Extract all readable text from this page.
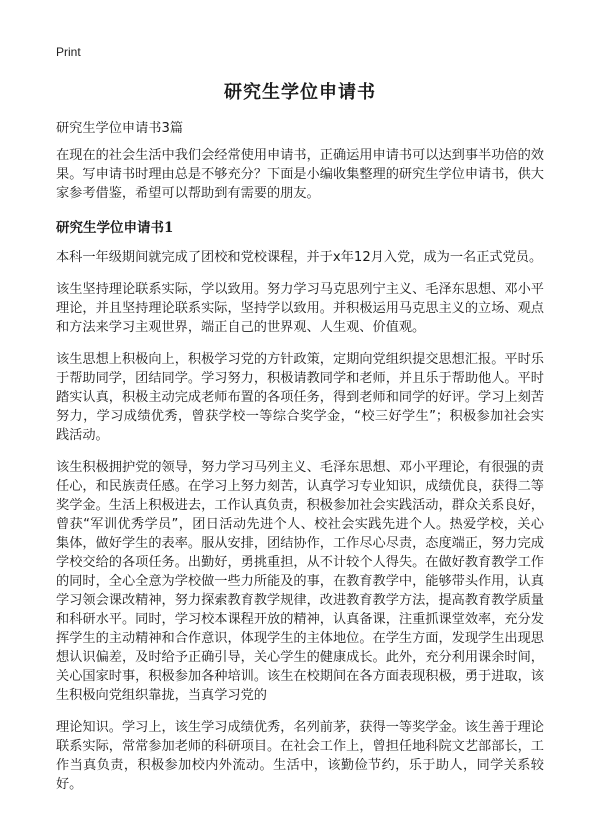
Print
研究生学位申请书
研究生学位申请书3篇

在现在的社会生活中我们会经常使用申请书，正确运用申请书可以达到事半功倍的效果。写申请书时理由总是不够充分？下面是小编收集整理的研究生学位申请书，供大家参考借鉴，希望可以帮助到有需要的朋友。

研究生学位申请书1

本科一年级期间就完成了团校和党校课程，并于x年12月入党，成为一名正式党员。

该生坚持理论联系实际，学以致用。努力学习马克思列宁主义、毛泽东思想、邓小平理论，并且坚持理论联系实际，坚持学以致用。并积极运用马克思主义的立场、观点和方法来学习主观世界，端正自己的世界观、人生观、价值观。

该生思想上积极向上，积极学习党的方针政策，定期向党组织提交思想汇报。平时乐于帮助同学，团结同学。学习努力，积极请教同学和老师，并且乐于帮助他人。平时踏实认真，积极主动完成老师布置的各项任务，得到老师和同学的好评。学习上刻苦努力，学习成绩优秀，曾获学校一等综合奖学金，“校三好学生”；积极参加社会实践活动。

该生积极拥护党的领导，努力学习马列主义、毛泽东思想、邓小平理论，有很强的责任心，和民族责任感。在学习上努力刻苦，认真学习专业知识，成绩优良，获得二等奖学金。生活上积极进去，工作认真负责，积极参加社会实践活动，群众关系良好，曾获“军训优秀学员”，团日活动先进个人、校社会实践先进个人。热爱学校，关心集体，做好学生的表率。服从安排，团结协作，工作尽心尽责，态度端正，努力完成学校交给的各项任务。出勤好，勇挑重担，从不计较个人得失。在做好教育教学工作的同时，全心全意为学校做一些力所能及的事，在教育教学中，能够带头作用，认真学习领会课改精神，努力探索教育教学规律，改进教育教学方法，提高教育教学质量和科研水平。同时，学习校本课程开放的精神，认真备课，注重抓课堂效率，充分发挥学生的主动精神和合作意识，体现学生的主体地位。在学生方面，发现学生出现思想认识偏差，及时给予正确引导，关心学生的健康成长。此外，充分利用课余时间，关心国家时事，积极参加各种培训。该生在校期间在各方面表现积极，勇于进取，该生积极向党组织靠拢，当真学习党的

理论知识。学习上，该生学习成绩优秀，名列前茅，获得一等奖学金。该生善于理论联系实际，常常参加老师的科研项目。在社会工作上，曾担任地科院文艺部部长，工作当真负责，积极参加校内外流动。生活中，该勤俭节约，乐于助人，同学关系较好。
